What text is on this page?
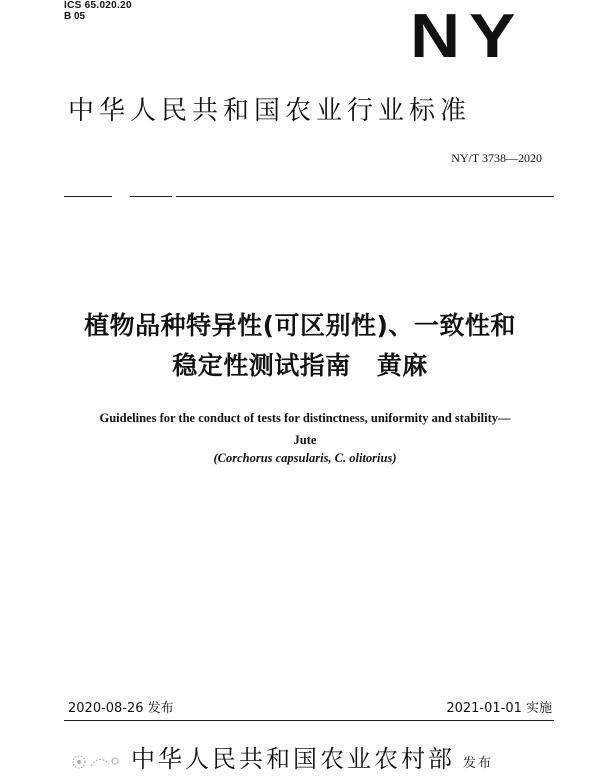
ICS 65.020.20
B 05	NY
中华人民共和国农业行业标准
NY/T 3738—2020
植物品种特异性(可区别性)、一致性和
稳定性测试指南 黄麻
Guidelines for the conduct of tests for distinctness, uniformity and stability—
Jute
(Corchorus capsularis, C. olitorius)
2020-08-26 发布	2021-01-01 实施
中华人民共和国农业农村部 发布
